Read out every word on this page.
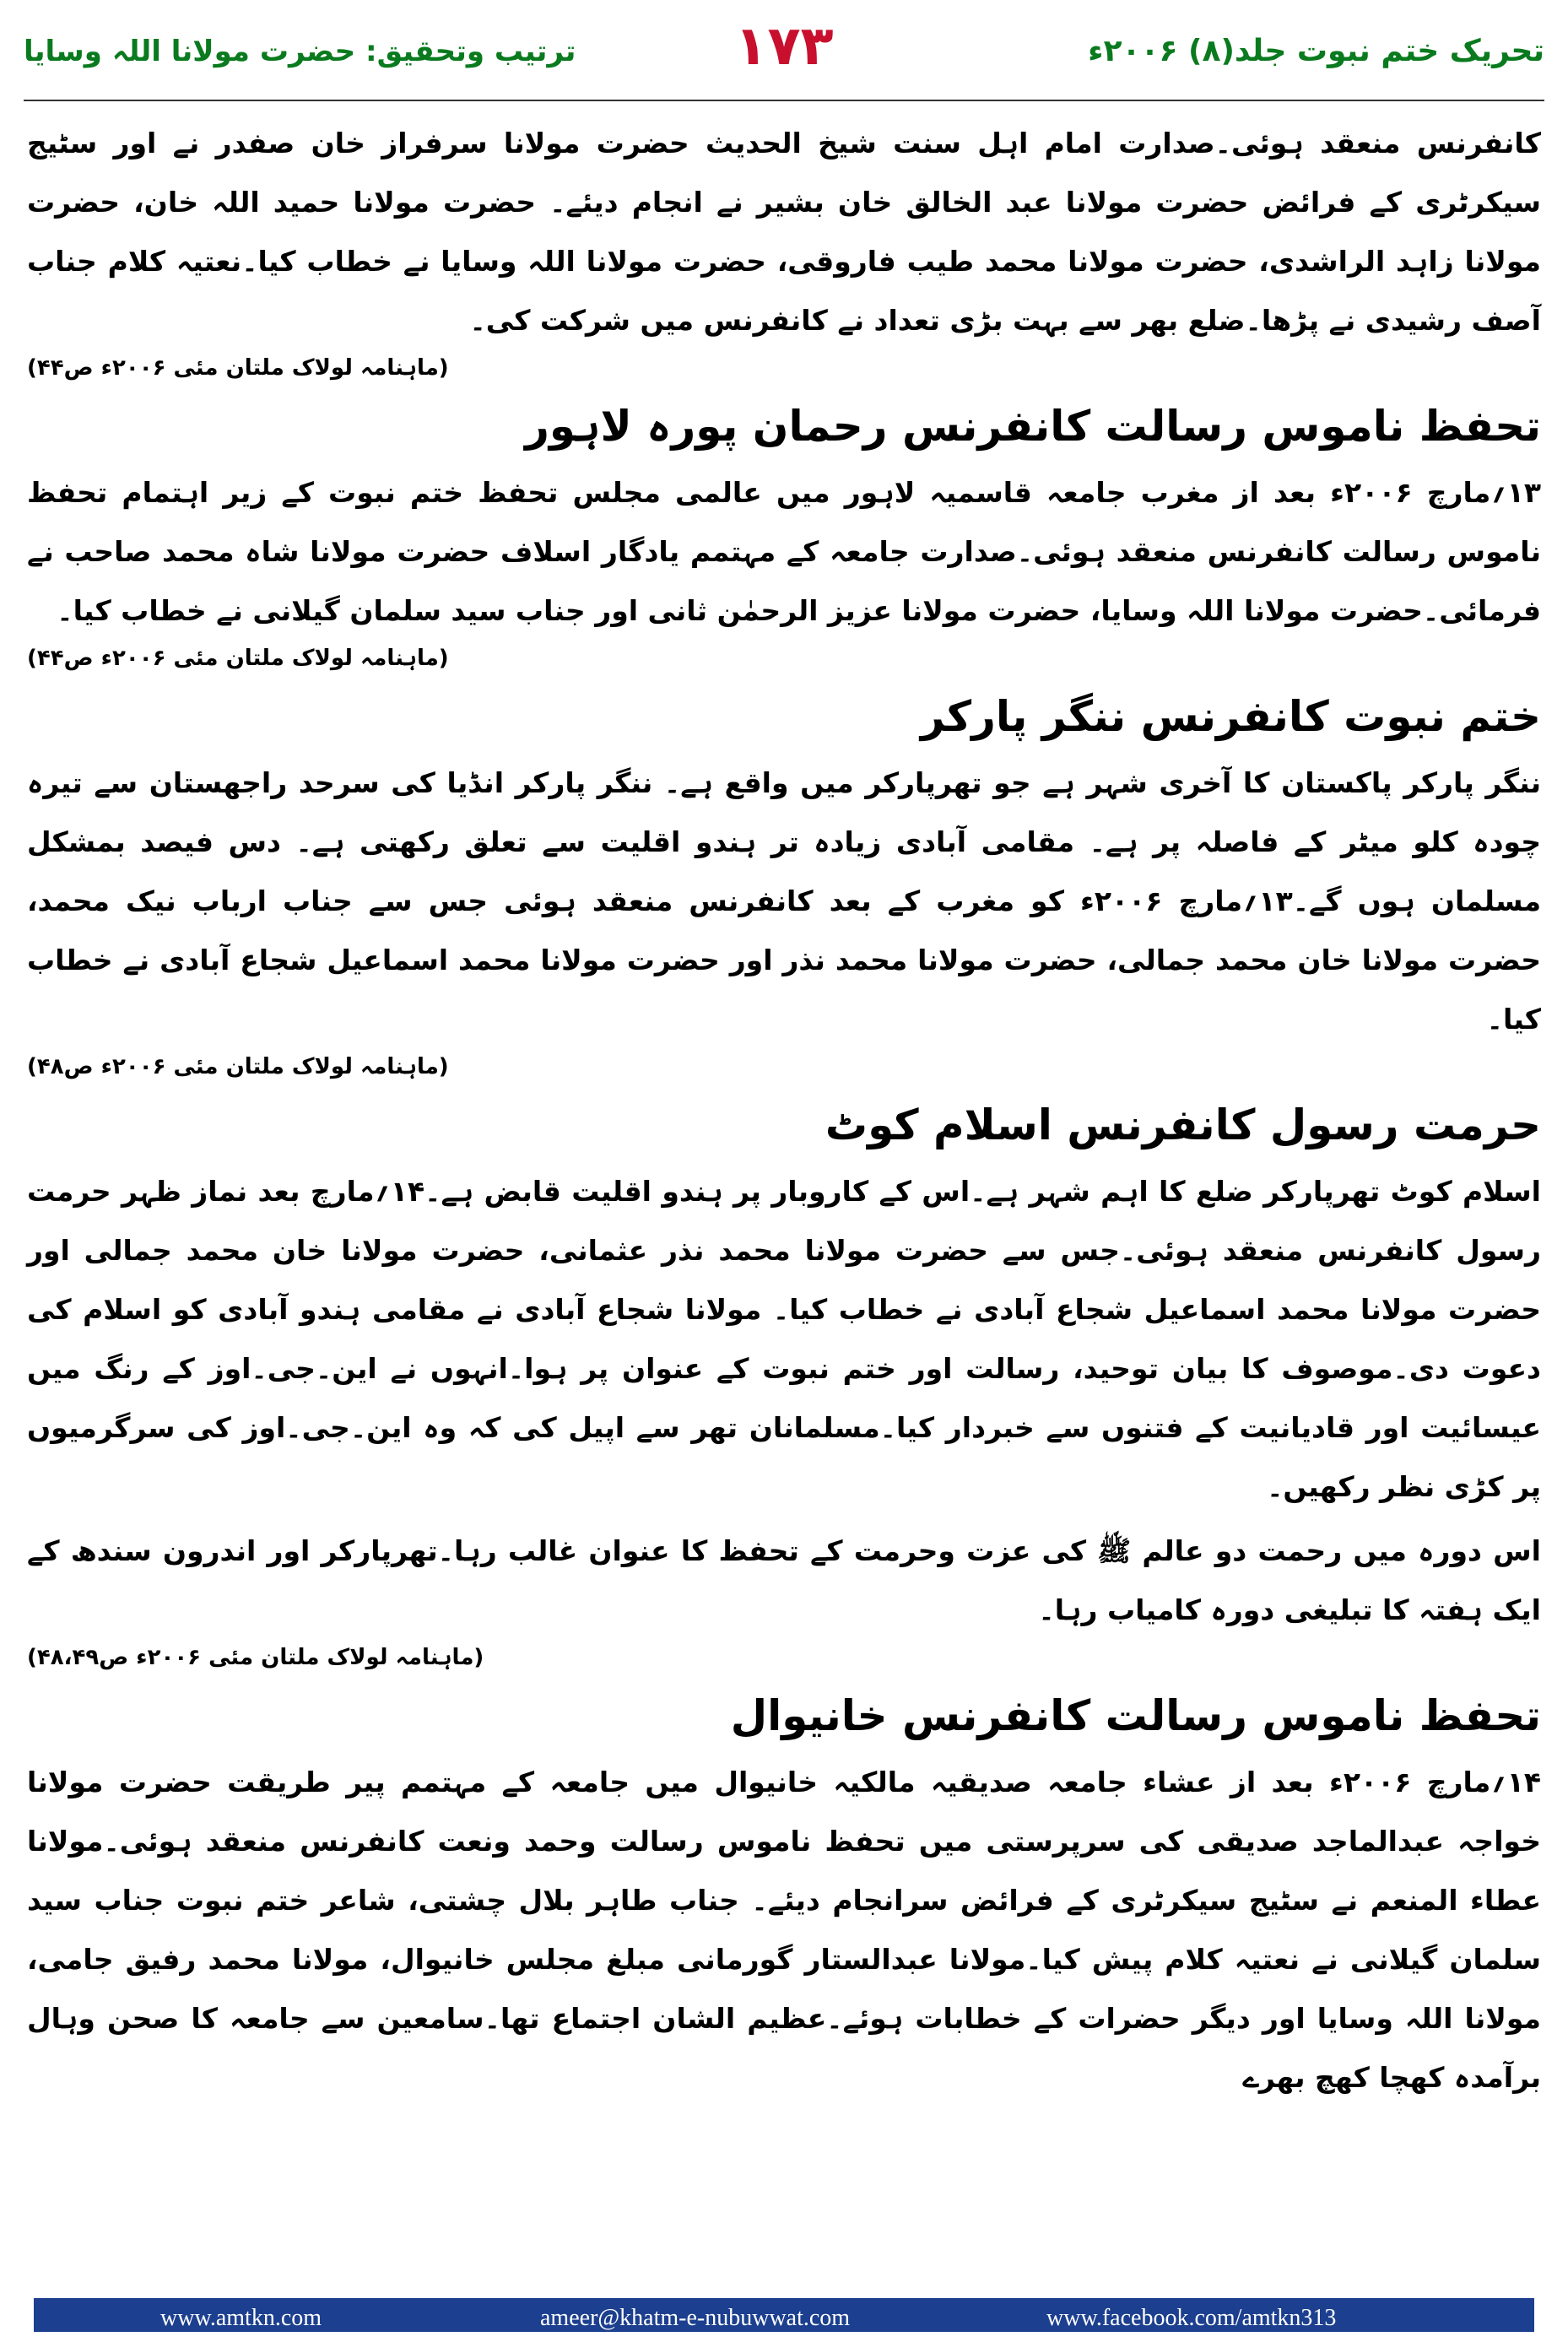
تحریک ختم نبوت جلد(۸) ۲۰۰۶ء
۱۷۳
ترتیب وتحقیق: حضرت مولانا اللہ وسایا

کانفرنس منعقد ہوئی۔صدارت امام اہل سنت شیخ الحدیث حضرت مولانا سرفراز خان صفدر نے اور سٹیج سیکرٹری کے فرائض حضرت مولانا عبد الخالق خان بشیر نے انجام دیئے۔ حضرت مولانا حمید اللہ خان، حضرت مولانا زاہد الراشدی، حضرت مولانا محمد طیب فاروقی، حضرت مولانا اللہ وسایا نے خطاب کیا۔نعتیہ کلام جناب آصف رشیدی نے پڑھا۔ضلع بھر سے بہت بڑی تعداد نے کانفرنس میں شرکت کی۔

(ماہنامہ لولاک ملتان مئی ۲۰۰۶ء ص۴۴)
تحفظ ناموس رسالت کانفرنس رحمان پورہ لاہور

۱۳؍مارچ ۲۰۰۶ء بعد از مغرب جامعہ قاسمیہ لاہور میں عالمی مجلس تحفظ ختم نبوت کے زیر اہتمام تحفظ ناموس رسالت کانفرنس منعقد ہوئی۔صدارت جامعہ کے مہتمم یادگار اسلاف حضرت مولانا شاہ محمد صاحب نے فرمائی۔حضرت مولانا اللہ وسایا، حضرت مولانا عزیز الرحمٰن ثانی اور جناب سید سلمان گیلانی نے خطاب کیا۔

(ماہنامہ لولاک ملتان مئی ۲۰۰۶ء ص۴۴)
ختم نبوت کانفرنس ننگر پارکر

ننگر پارکر پاکستان کا آخری شہر ہے جو تھرپارکر میں واقع ہے۔ ننگر پارکر انڈیا کی سرحد راجھستان سے تیرہ چودہ کلو میٹر کے فاصلہ پر ہے۔ مقامی آبادی زیادہ تر ہندو اقلیت سے تعلق رکھتی ہے۔ دس فیصد بمشکل مسلمان ہوں گے۔۱۳؍مارچ ۲۰۰۶ء کو مغرب کے بعد کانفرنس منعقد ہوئی جس سے جناب ارباب نیک محمد، حضرت مولانا خان محمد جمالی، حضرت مولانا محمد نذر اور حضرت مولانا محمد اسماعیل شجاع آبادی نے خطاب کیا۔

(ماہنامہ لولاک ملتان مئی ۲۰۰۶ء ص۴۸)
حرمت رسول کانفرنس اسلام کوٹ

اسلام کوٹ تھرپارکر ضلع کا اہم شہر ہے۔اس کے کاروبار پر ہندو اقلیت قابض ہے۔۱۴؍مارچ بعد نماز ظہر حرمت رسول کانفرنس منعقد ہوئی۔جس سے حضرت مولانا محمد نذر عثمانی، حضرت مولانا خان محمد جمالی اور حضرت مولانا محمد اسماعیل شجاع آبادی نے خطاب کیا۔ مولانا شجاع آبادی نے مقامی ہندو آبادی کو اسلام کی دعوت دی۔موصوف کا بیان توحید، رسالت اور ختم نبوت کے عنوان پر ہوا۔انہوں نے این۔جی۔اوز کے رنگ میں عیسائیت اور قادیانیت کے فتنوں سے خبردار کیا۔مسلمانان تھر سے اپیل کی کہ وہ این۔جی۔اوز کی سرگرمیوں پر کڑی نظر رکھیں۔

اس دورہ میں رحمت دو عالم ﷺ کی عزت وحرمت کے تحفظ کا عنوان غالب رہا۔تھرپارکر اور اندرون سندھ کے ایک ہفتہ کا تبلیغی دورہ کامیاب رہا۔

(ماہنامہ لولاک ملتان مئی ۲۰۰۶ء ص۴۸،۴۹)
تحفظ ناموس رسالت کانفرنس خانیوال

۱۴؍مارچ ۲۰۰۶ء بعد از عشاء جامعہ صدیقیہ مالکیہ خانیوال میں جامعہ کے مہتمم پیر طریقت حضرت مولانا خواجہ عبدالماجد صدیقی کی سرپرستی میں تحفظ ناموس رسالت وحمد ونعت کانفرنس منعقد ہوئی۔مولانا عطاء المنعم نے سٹیج سیکرٹری کے فرائض سرانجام دیئے۔ جناب طاہر بلال چشتی، شاعر ختم نبوت جناب سید سلمان گیلانی نے نعتیہ کلام پیش کیا۔مولانا عبدالستار گورمانی مبلغ مجلس خانیوال، مولانا محمد رفیق جامی، مولانا اللہ وسایا اور دیگر حضرات کے خطابات ہوئے۔عظیم الشان اجتماع تھا۔سامعین سے جامعہ کا صحن وہال برآمدہ کھچا کھچ بھرے

www.amtkn.com	ameer@khatm-e-nubuwwat.com	www.facebook.com/amtkn313
